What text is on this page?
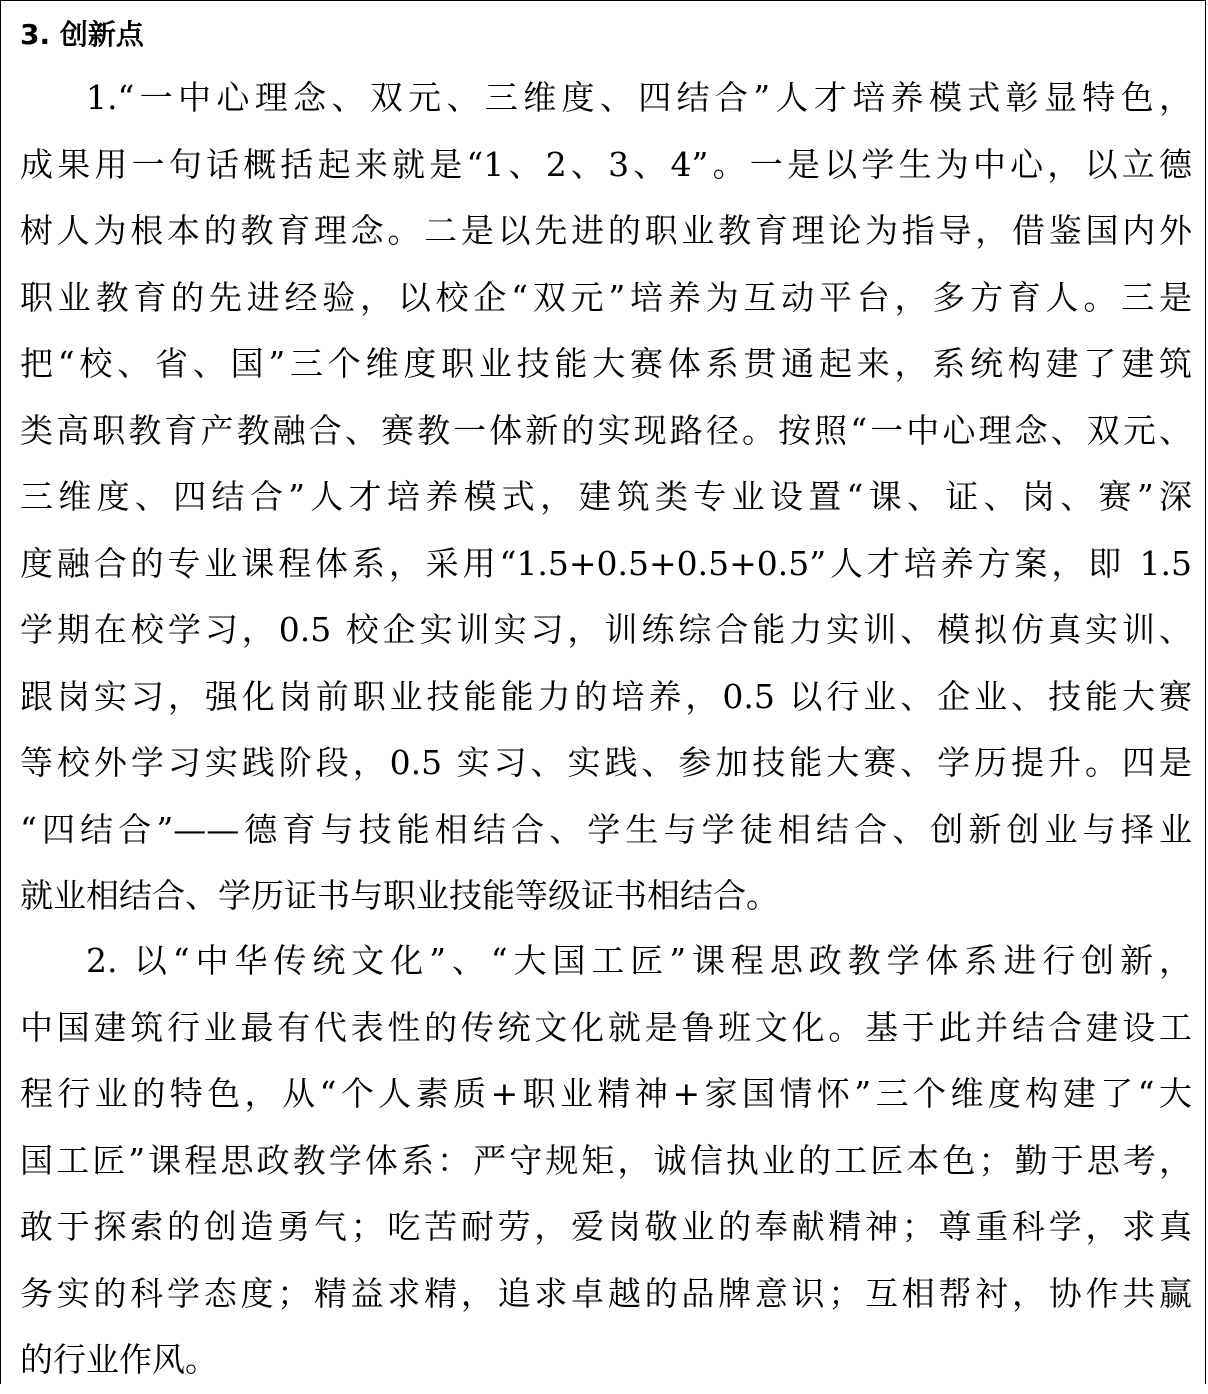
3. 创新点

1.“一中心理念、双元、三维度、四结合”人才培养模式彰显特色，
成果用一句话概括起来就是“1、2、3、4”。一是以学生为中心，以立德
树人为根本的教育理念。二是以先进的职业教育理论为指导，借鉴国内外
职业教育的先进经验，以校企“双元”培养为互动平台，多方育人。三是
把“校、省、国”三个维度职业技能大赛体系贯通起来，系统构建了建筑
类高职教育产教融合、赛教一体新的实现路径。按照“一中心理念、双元、
三维度、四结合”人才培养模式，建筑类专业设置“课、证、岗、赛”深
度融合的专业课程体系，采用“1.5+0.5+0.5+0.5”人才培养方案，即 1.5
学期在校学习，0.5 校企实训实习，训练综合能力实训、模拟仿真实训、
跟岗实习，强化岗前职业技能能力的培养，0.5 以行业、企业、技能大赛
等校外学习实践阶段，0.5 实习、实践、参加技能大赛、学历提升。四是
“四结合”——德育与技能相结合、学生与学徒相结合、创新创业与择业
就业相结合、学历证书与职业技能等级证书相结合。

2. 以“中华传统文化”、“大国工匠”课程思政教学体系进行创新，
中国建筑行业最有代表性的传统文化就是鲁班文化。基于此并结合建设工
程行业的特色，从“个人素质+职业精神+家国情怀”三个维度构建了“大
国工匠”课程思政教学体系：严守规矩，诚信执业的工匠本色；勤于思考，
敢于探索的创造勇气；吃苦耐劳，爱岗敬业的奉献精神；尊重科学，求真
务实的科学态度；精益求精，追求卓越的品牌意识；互相帮衬，协作共赢
的行业作风。
